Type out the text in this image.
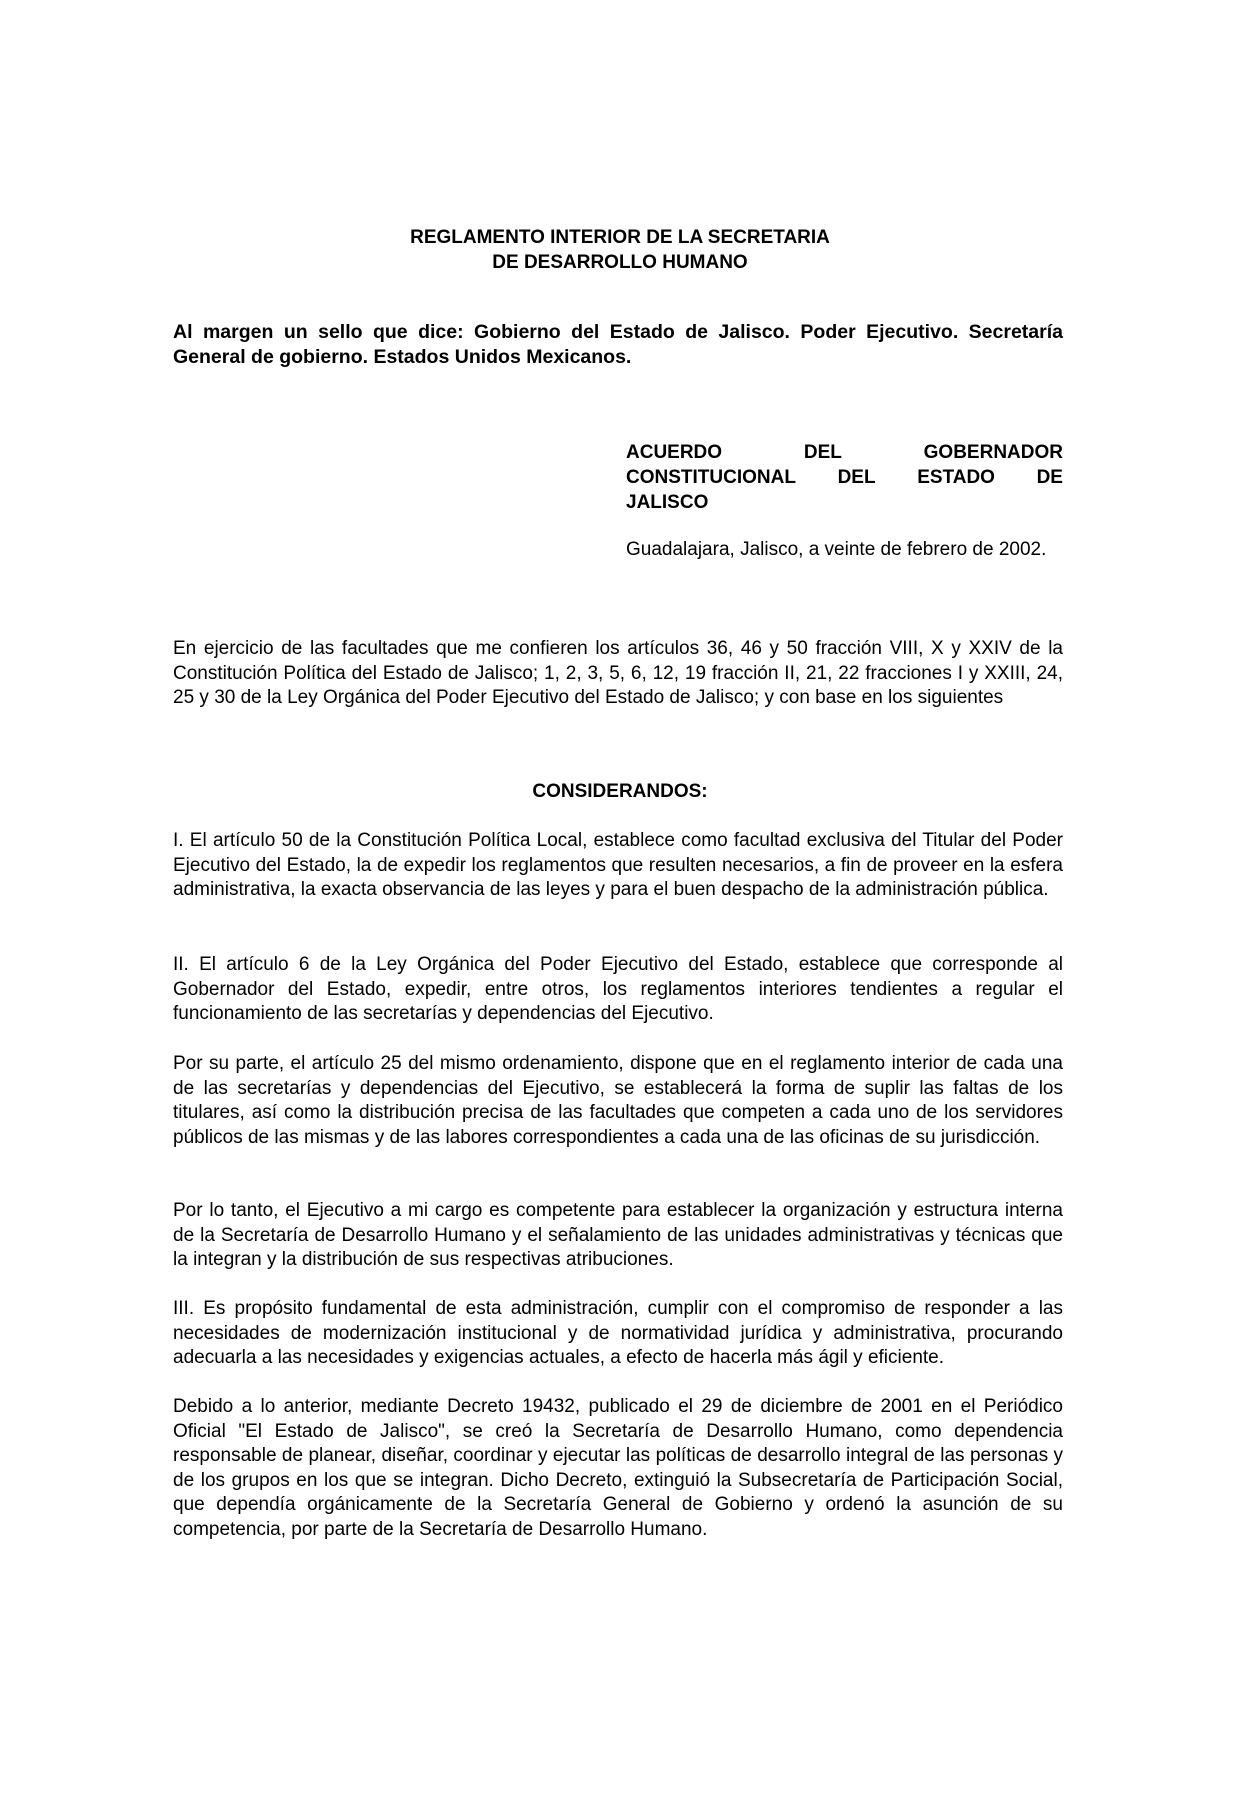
REGLAMENTO INTERIOR DE LA SECRETARIA
DE DESARROLLO HUMANO
Al margen un sello que dice: Gobierno del Estado de Jalisco. Poder Ejecutivo. Secretaría General de gobierno. Estados Unidos Mexicanos.
ACUERDO	DEL	GOBERNADOR
CONSTITUCIONAL DEL ESTADO DE
JALISCO
Guadalajara, Jalisco, a veinte de febrero de 2002.
En ejercicio de las facultades que me confieren los artículos 36, 46 y 50 fracción VIII, X y XXIV de la Constitución Política del Estado de Jalisco; 1, 2, 3, 5, 6, 12, 19 fracción II, 21, 22 fracciones I y XXIII, 24, 25 y 30 de la Ley Orgánica del Poder Ejecutivo del Estado de Jalisco; y con base en los siguientes
CONSIDERANDOS:
I. El artículo 50 de la Constitución Política Local, establece como facultad exclusiva del Titular del Poder Ejecutivo del Estado, la de expedir los reglamentos que resulten necesarios, a fin de proveer en la esfera administrativa, la exacta observancia de las leyes y para el buen despacho de la administración pública.
II. El artículo 6 de la Ley Orgánica del Poder Ejecutivo del Estado, establece que corresponde al Gobernador del Estado, expedir, entre otros, los reglamentos interiores tendientes a regular el funcionamiento de las secretarías y dependencias del Ejecutivo.
Por su parte, el artículo 25 del mismo ordenamiento, dispone que en el reglamento interior de cada una de las secretarías y dependencias del Ejecutivo, se establecerá la forma de suplir las faltas de los titulares, así como la distribución precisa de las facultades que competen a cada uno de los servidores públicos de las mismas y de las labores correspondientes a cada una de las oficinas de su jurisdicción.
Por lo tanto, el Ejecutivo a mi cargo es competente para establecer la organización y estructura interna de la Secretaría de Desarrollo Humano y el señalamiento de las unidades administrativas y técnicas que la integran y la distribución de sus respectivas atribuciones.
III. Es propósito fundamental de esta administración, cumplir con el compromiso de responder a las necesidades de modernización institucional y de normatividad jurídica y administrativa, procurando adecuarla a las necesidades y exigencias actuales, a efecto de hacerla más ágil y eficiente.
Debido a lo anterior, mediante Decreto 19432, publicado el 29 de diciembre de 2001 en el Periódico Oficial "El Estado de Jalisco", se creó la Secretaría de Desarrollo Humano, como dependencia responsable de planear, diseñar, coordinar y ejecutar las políticas de desarrollo integral de las personas y de los grupos en los que se integran. Dicho Decreto, extinguió la Subsecretaría de Participación Social, que dependía orgánicamente de la Secretaría General de Gobierno y ordenó la asunción de su competencia, por parte de la Secretaría de Desarrollo Humano.
